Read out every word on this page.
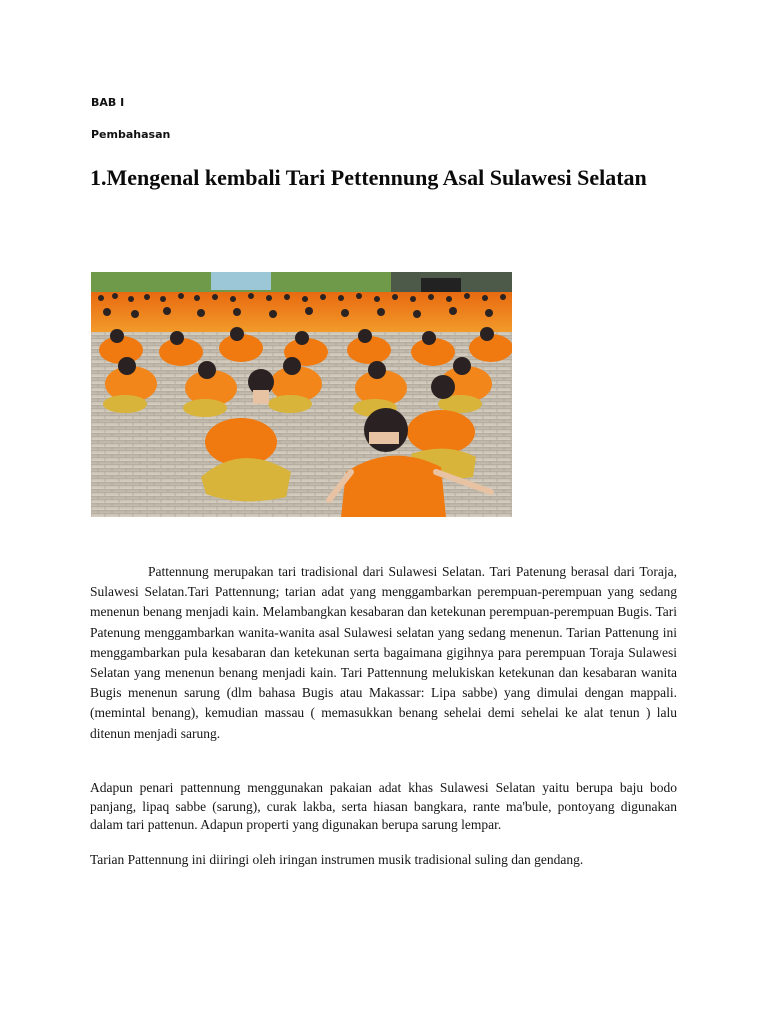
BAB I
Pembahasan
1.Mengenal kembali Tari Pettennung Asal Sulawesi Selatan

Pattennung merupakan tari tradisional dari Sulawesi Selatan. Tari Patenung berasal dari Toraja, Sulawesi Selatan.Tari Pattennung; tarian adat yang menggambarkan perempuan-perempuan yang sedang menenun benang menjadi kain. Melambangkan kesabaran dan ketekunan perempuan-perempuan Bugis. Tari Patenung menggambarkan wanita-wanita asal Sulawesi selatan yang sedang menenun. Tarian Pattenung ini menggambarkan pula kesabaran dan ketekunan serta bagaimana gigihnya para perempuan Toraja Sulawesi Selatan yang menenun benang menjadi kain. Tari Pattennung melukiskan ketekunan dan kesabaran wanita Bugis menenun sarung (dlm bahasa Bugis atau Makassar: Lipa sabbe) yang dimulai dengan mappali. (memintal benang), kemudian massau ( memasukkan benang sehelai demi sehelai ke alat tenun ) lalu ditenun menjadi sarung.

Adapun penari pattennung menggunakan pakaian adat khas Sulawesi Selatan yaitu berupa baju bodo panjang, lipaq sabbe (sarung), curak lakba, serta hiasan bangkara, rante ma'bule, pontoyang digunakan dalam tari pattenun. Adapun properti yang digunakan berupa sarung lempar.

Tarian Pattennung ini diiringi oleh iringan instrumen musik tradisional suling dan gendang.
